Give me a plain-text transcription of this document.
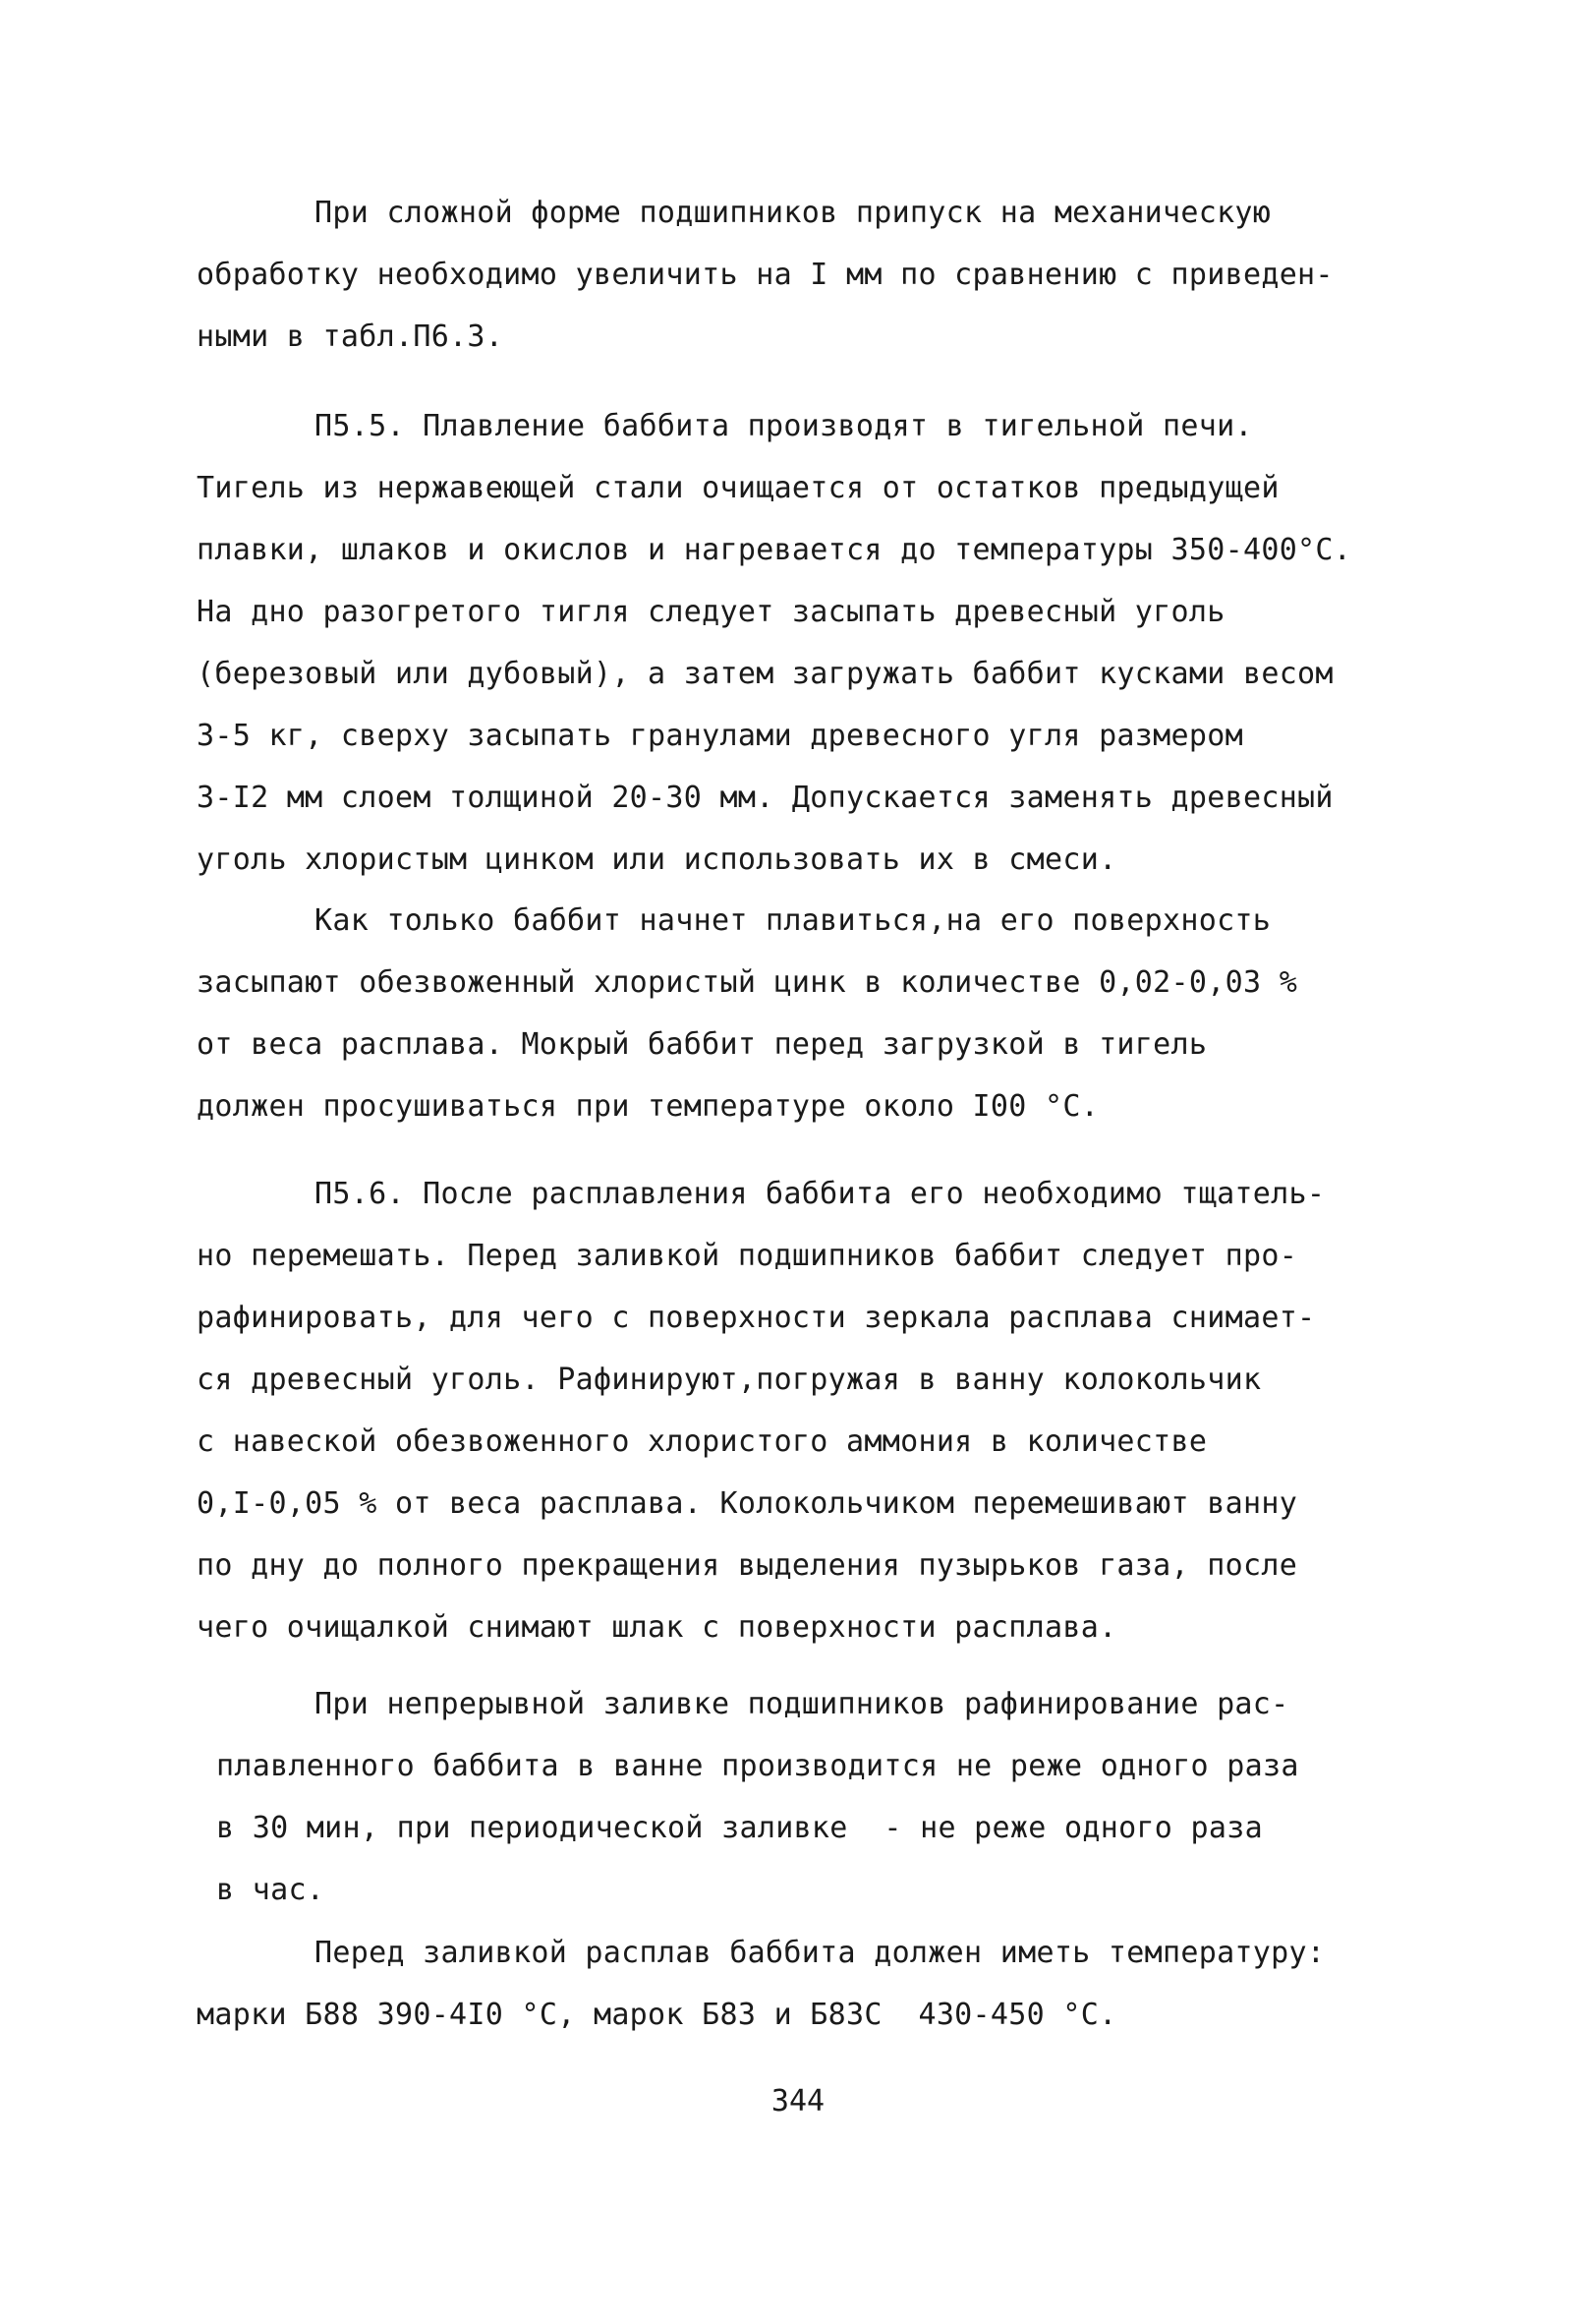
При сложной форме подшипников припуск на механическую
обработку необходимо увеличить на I мм по сравнению с приведен-
ными в табл.П6.3.
П5.5. Плавление баббита производят в тигельной печи.
Тигель из нержавеющей стали очищается от остатков предыдущей
плавки, шлаков и окислов и нагревается до температуры 350-400°С.
На дно разогретого тигля следует засыпать древесный уголь
(березовый или дубовый), а затем загружать баббит кусками весом
3-5 кг, сверху засыпать гранулами древесного угля размером
3-I2 мм слоем толщиной 20-30 мм. Допускается заменять древесный
уголь хлористым цинком или использовать их в смеси.
Как только баббит начнет плавиться,на его поверхность
засыпают обезвоженный хлористый цинк в количестве 0,02-0,03 %
от веса расплава. Мокрый баббит перед загрузкой в тигель
должен просушиваться при температуре около I00 °С.
П5.6. После расплавления баббита его необходимо тщатель-
но перемешать. Перед заливкой подшипников баббит следует про-
рафинировать, для чего с поверхности зеркала расплава снимает-
ся древесный уголь. Рафинируют,погружая в ванну колокольчик
с навеской обезвоженного хлористого аммония в количестве
0,I-0,05 % от веса расплава. Колокольчиком перемешивают ванну
по дну до полного прекращения выделения пузырьков газа, после
чего очищалкой снимают шлак с поверхности расплава.
При непрерывной заливке подшипников рафинирование рас-
плавленного баббита в ванне производится не реже одного раза
в 30 мин, при периодической заливке  - не реже одного раза
в час.
Перед заливкой расплав баббита должен иметь температуру:
марки Б88 390-4I0 °С, марок Б83 и Б83С  430-450 °С.
344
